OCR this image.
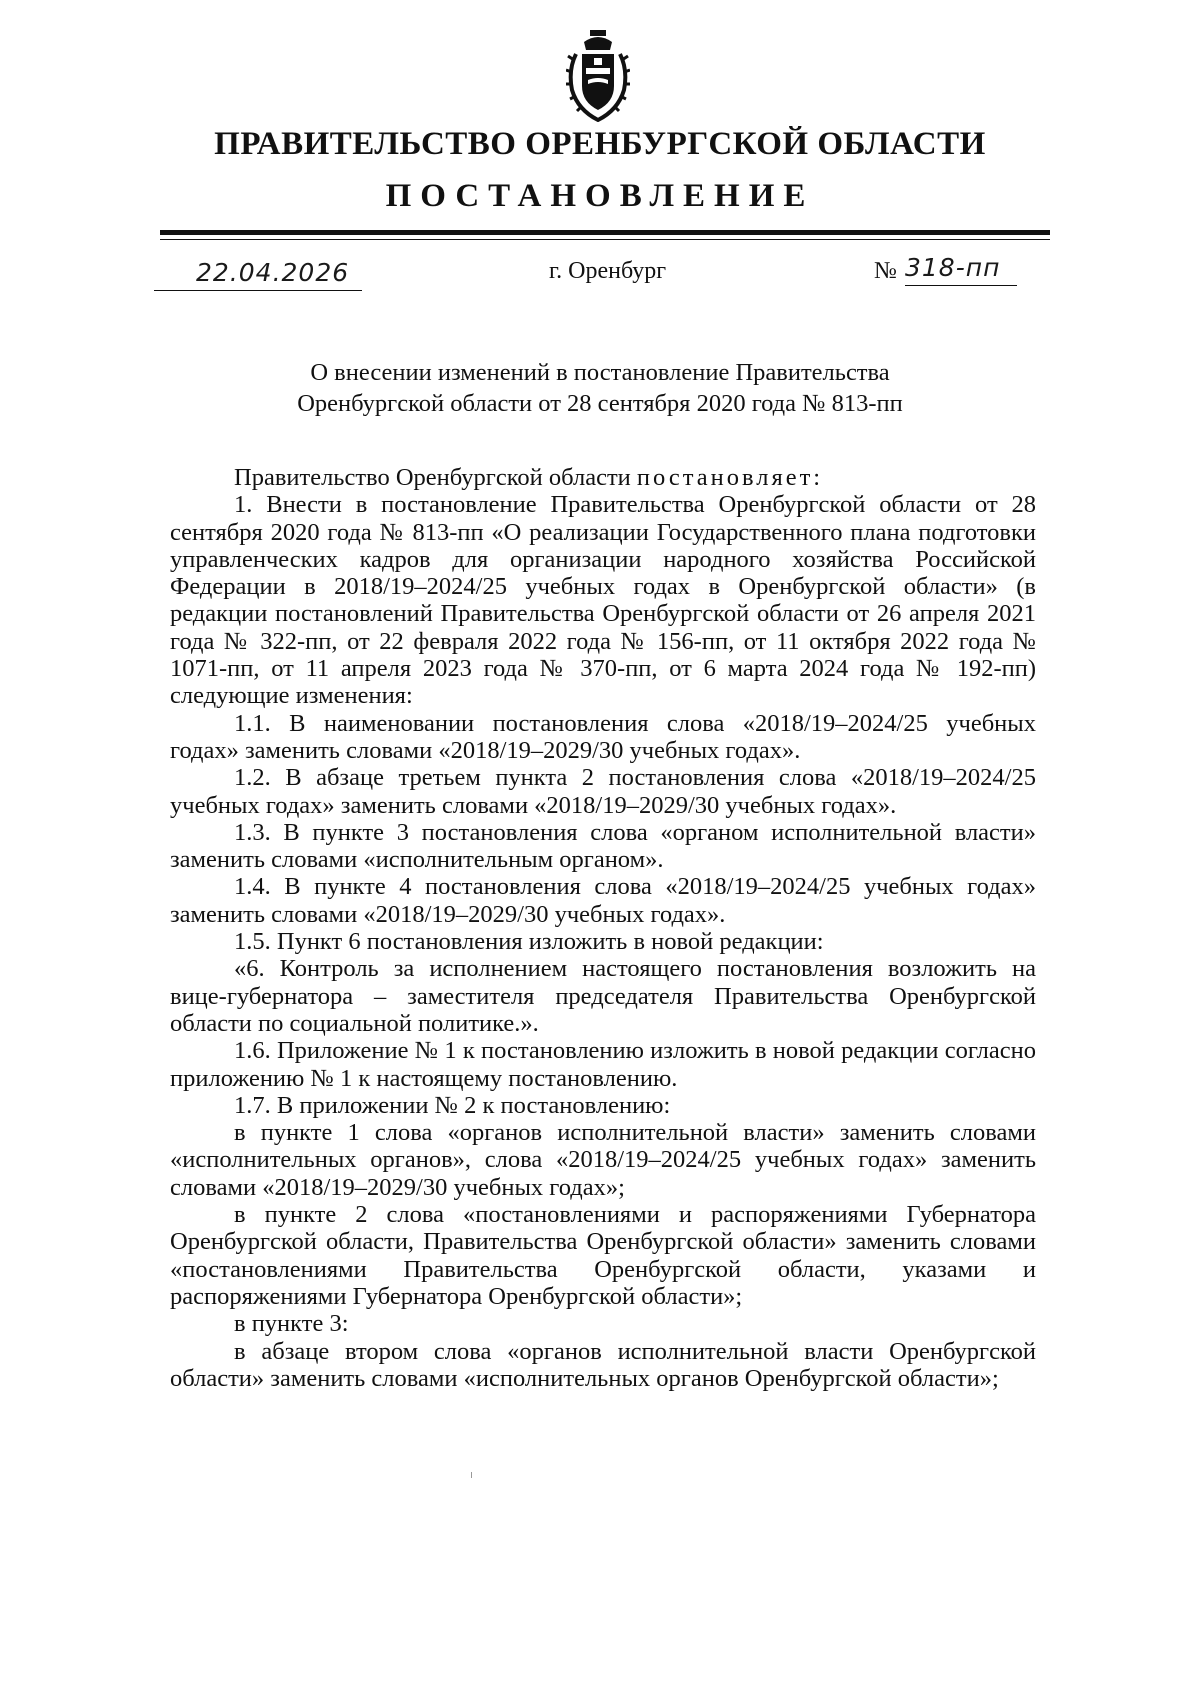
ПРАВИТЕЛЬСТВО ОРЕНБУРГСКОЙ ОБЛАСТИ
ПОСТАНОВЛЕНИЕ
22.04.2026	г. Оренбург	№ 318-пп
О внесении изменений в постановление Правительства
Оренбургской области от 28 сентября 2020 года № 813-пп

Правительство Оренбургской области постановляет:

1. Внести в постановление Правительства Оренбургской области от 28 сентября 2020 года № 813-пп «О реализации Государственного плана подготовки управленческих кадров для организации народного хозяйства Российской Федерации в 2018/19–2024/25 учебных годах в Оренбургской области» (в редакции постановлений Правительства Оренбургской области от 26 апреля 2021 года № 322-пп, от 22 февраля 2022 года № 156-пп, от 11 октября 2022 года № 1071-пп, от 11 апреля 2023 года № 370-пп, от 6 марта 2024 года № 192-пп) следующие изменения:

1.1. В наименовании постановления слова «2018/19–2024/25 учебных годах» заменить словами «2018/19–2029/30 учебных годах».

1.2. В абзаце третьем пункта 2 постановления слова «2018/19–2024/25 учебных годах» заменить словами «2018/19–2029/30 учебных годах».

1.3. В пункте 3 постановления слова «органом исполнительной власти» заменить словами «исполнительным органом».

1.4. В пункте 4 постановления слова «2018/19–2024/25 учебных годах» заменить словами «2018/19–2029/30 учебных годах».

1.5. Пункт 6 постановления изложить в новой редакции:

«6. Контроль за исполнением настоящего постановления возложить на вице-губернатора – заместителя председателя Правительства Оренбургской области по социальной политике.».

1.6. Приложение № 1 к постановлению изложить в новой редакции согласно приложению № 1 к настоящему постановлению.

1.7. В приложении № 2 к постановлению:

в пункте 1 слова «органов исполнительной власти» заменить словами «исполнительных органов», слова «2018/19–2024/25 учебных годах» заменить словами «2018/19–2029/30 учебных годах»;

в пункте 2 слова «постановлениями и распоряжениями Губернатора Оренбургской области, Правительства Оренбургской области» заменить словами «постановлениями Правительства Оренбургской области, указами и распоряжениями Губернатора Оренбургской области»;

в пункте 3:

в абзаце втором слова «органов исполнительной власти Оренбургской области» заменить словами «исполнительных органов Оренбургской области»;
